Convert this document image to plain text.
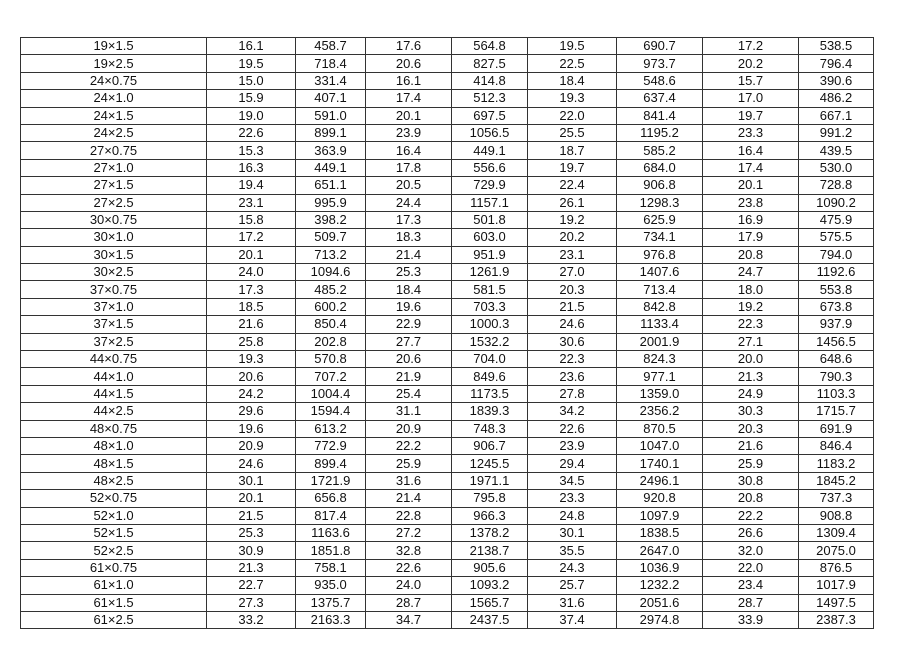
19×1.5	16.1	458.7	17.6	564.8	19.5	690.7	17.2	538.5
19×2.5	19.5	718.4	20.6	827.5	22.5	973.7	20.2	796.4
24×0.75	15.0	331.4	16.1	414.8	18.4	548.6	15.7	390.6
24×1.0	15.9	407.1	17.4	512.3	19.3	637.4	17.0	486.2
24×1.5	19.0	591.0	20.1	697.5	22.0	841.4	19.7	667.1
24×2.5	22.6	899.1	23.9	1056.5	25.5	1195.2	23.3	991.2
27×0.75	15.3	363.9	16.4	449.1	18.7	585.2	16.4	439.5
27×1.0	16.3	449.1	17.8	556.6	19.7	684.0	17.4	530.0
27×1.5	19.4	651.1	20.5	729.9	22.4	906.8	20.1	728.8
27×2.5	23.1	995.9	24.4	1157.1	26.1	1298.3	23.8	1090.2
30×0.75	15.8	398.2	17.3	501.8	19.2	625.9	16.9	475.9
30×1.0	17.2	509.7	18.3	603.0	20.2	734.1	17.9	575.5
30×1.5	20.1	713.2	21.4	951.9	23.1	976.8	20.8	794.0
30×2.5	24.0	1094.6	25.3	1261.9	27.0	1407.6	24.7	1192.6
37×0.75	17.3	485.2	18.4	581.5	20.3	713.4	18.0	553.8
37×1.0	18.5	600.2	19.6	703.3	21.5	842.8	19.2	673.8
37×1.5	21.6	850.4	22.9	1000.3	24.6	1133.4	22.3	937.9
37×2.5	25.8	202.8	27.7	1532.2	30.6	2001.9	27.1	1456.5
44×0.75	19.3	570.8	20.6	704.0	22.3	824.3	20.0	648.6
44×1.0	20.6	707.2	21.9	849.6	23.6	977.1	21.3	790.3
44×1.5	24.2	1004.4	25.4	1173.5	27.8	1359.0	24.9	1103.3
44×2.5	29.6	1594.4	31.1	1839.3	34.2	2356.2	30.3	1715.7
48×0.75	19.6	613.2	20.9	748.3	22.6	870.5	20.3	691.9
48×1.0	20.9	772.9	22.2	906.7	23.9	1047.0	21.6	846.4
48×1.5	24.6	899.4	25.9	1245.5	29.4	1740.1	25.9	1183.2
48×2.5	30.1	1721.9	31.6	1971.1	34.5	2496.1	30.8	1845.2
52×0.75	20.1	656.8	21.4	795.8	23.3	920.8	20.8	737.3
52×1.0	21.5	817.4	22.8	966.3	24.8	1097.9	22.2	908.8
52×1.5	25.3	1163.6	27.2	1378.2	30.1	1838.5	26.6	1309.4
52×2.5	30.9	1851.8	32.8	2138.7	35.5	2647.0	32.0	2075.0
61×0.75	21.3	758.1	22.6	905.6	24.3	1036.9	22.0	876.5
61×1.0	22.7	935.0	24.0	1093.2	25.7	1232.2	23.4	1017.9
61×1.5	27.3	1375.7	28.7	1565.7	31.6	2051.6	28.7	1497.5
61×2.5	33.2	2163.3	34.7	2437.5	37.4	2974.8	33.9	2387.3
